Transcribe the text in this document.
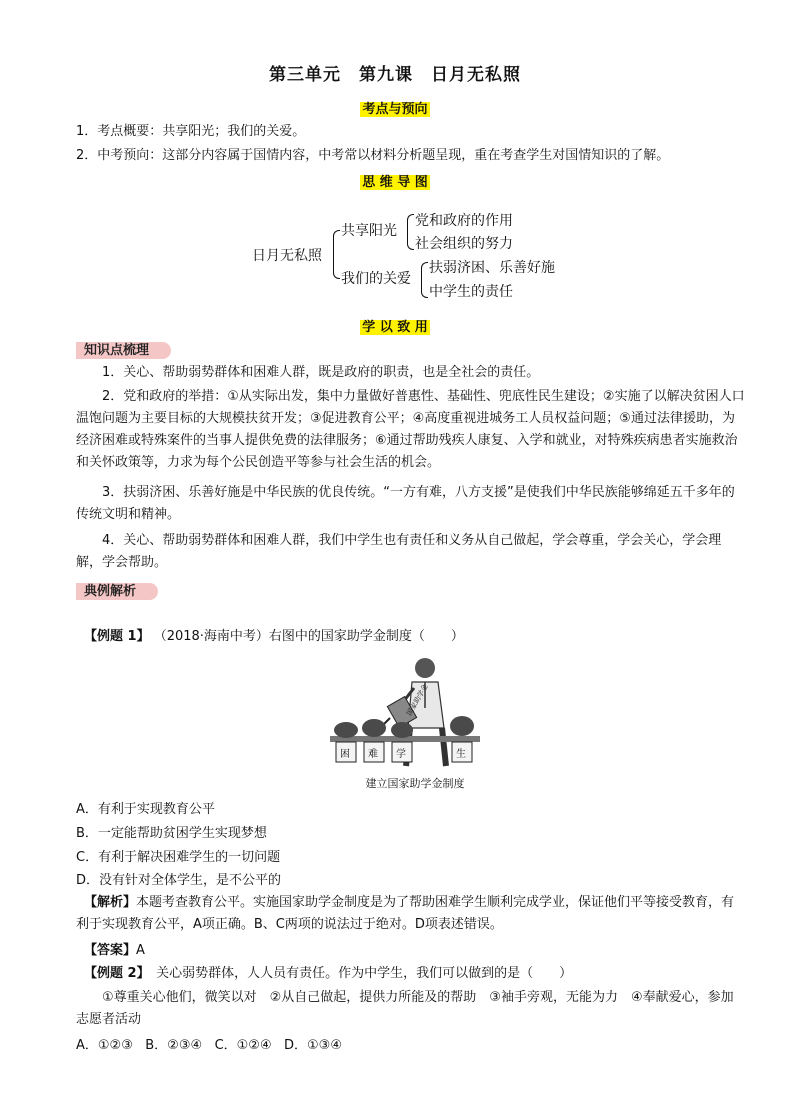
第三单元　第九课　日月无私照
考点与预向
1．考点概要：共享阳光；我们的关爱。
2．中考预向：这部分内容属于国情内容，中考常以材料分析题呈现，重在考查学生对国情知识的了解。
思 维 导 图
日月无私照
共享阳光
党和政府的作用
社会组织的努力
我们的关爱
扶弱济困、乐善好施
中学生的责任
学 以 致 用
知识点梳理
1．关心、帮助弱势群体和困难人群，既是政府的职责，也是全社会的责任。
2．党和政府的举措：①从实际出发，集中力量做好普惠性、基础性、兜底性民生建设；②实施了以解决贫困人口温饱问题为主要目标的大规模扶贫开发；③促进教育公平；④高度重视进城务工人员权益问题；⑤通过法律援助，为经济困难或特殊案件的当事人提供免费的法律服务；⑥通过帮助残疾人康复、入学和就业，对特殊疾病患者实施救治和关怀政策等，力求为每个公民创造平等参与社会生活的机会。
3．扶弱济困、乐善好施是中华民族的优良传统。“一方有难，八方支援”是使我们中华民族能够绵延五千多年的传统文明和精神。
4．关心、帮助弱势群体和困难人群，我们中学生也有责任和义务从自己做起，学会尊重，学会关心，学会理解，学会帮助。
典例解析
【例题 1】 （2018·海南中考）右图中的国家助学金制度（　　）
国家助学金
困 难 学	生
建立国家助学金制度
A．有利于实现教育公平
B．一定能帮助贫困学生实现梦想
C．有利于解决困难学生的一切问题
D．没有针对全体学生，是不公平的
【解析】本题考查教育公平。实施国家助学金制度是为了帮助困难学生顺利完成学业，保证他们平等接受教育，有利于实现教育公平，A项正确。B、C两项的说法过于绝对。D项表述错误。
【答案】A
【例题 2】　关心弱势群体，人人员有责任。作为中学生，我们可以做到的是（　　）
①尊重关心他们，微笑以对　②从自己做起，提供力所能及的帮助　③袖手旁观，无能为力　④奉献爱心，参加志愿者活动
A．①②③ B．②③④ C．①②④ D．①③④
